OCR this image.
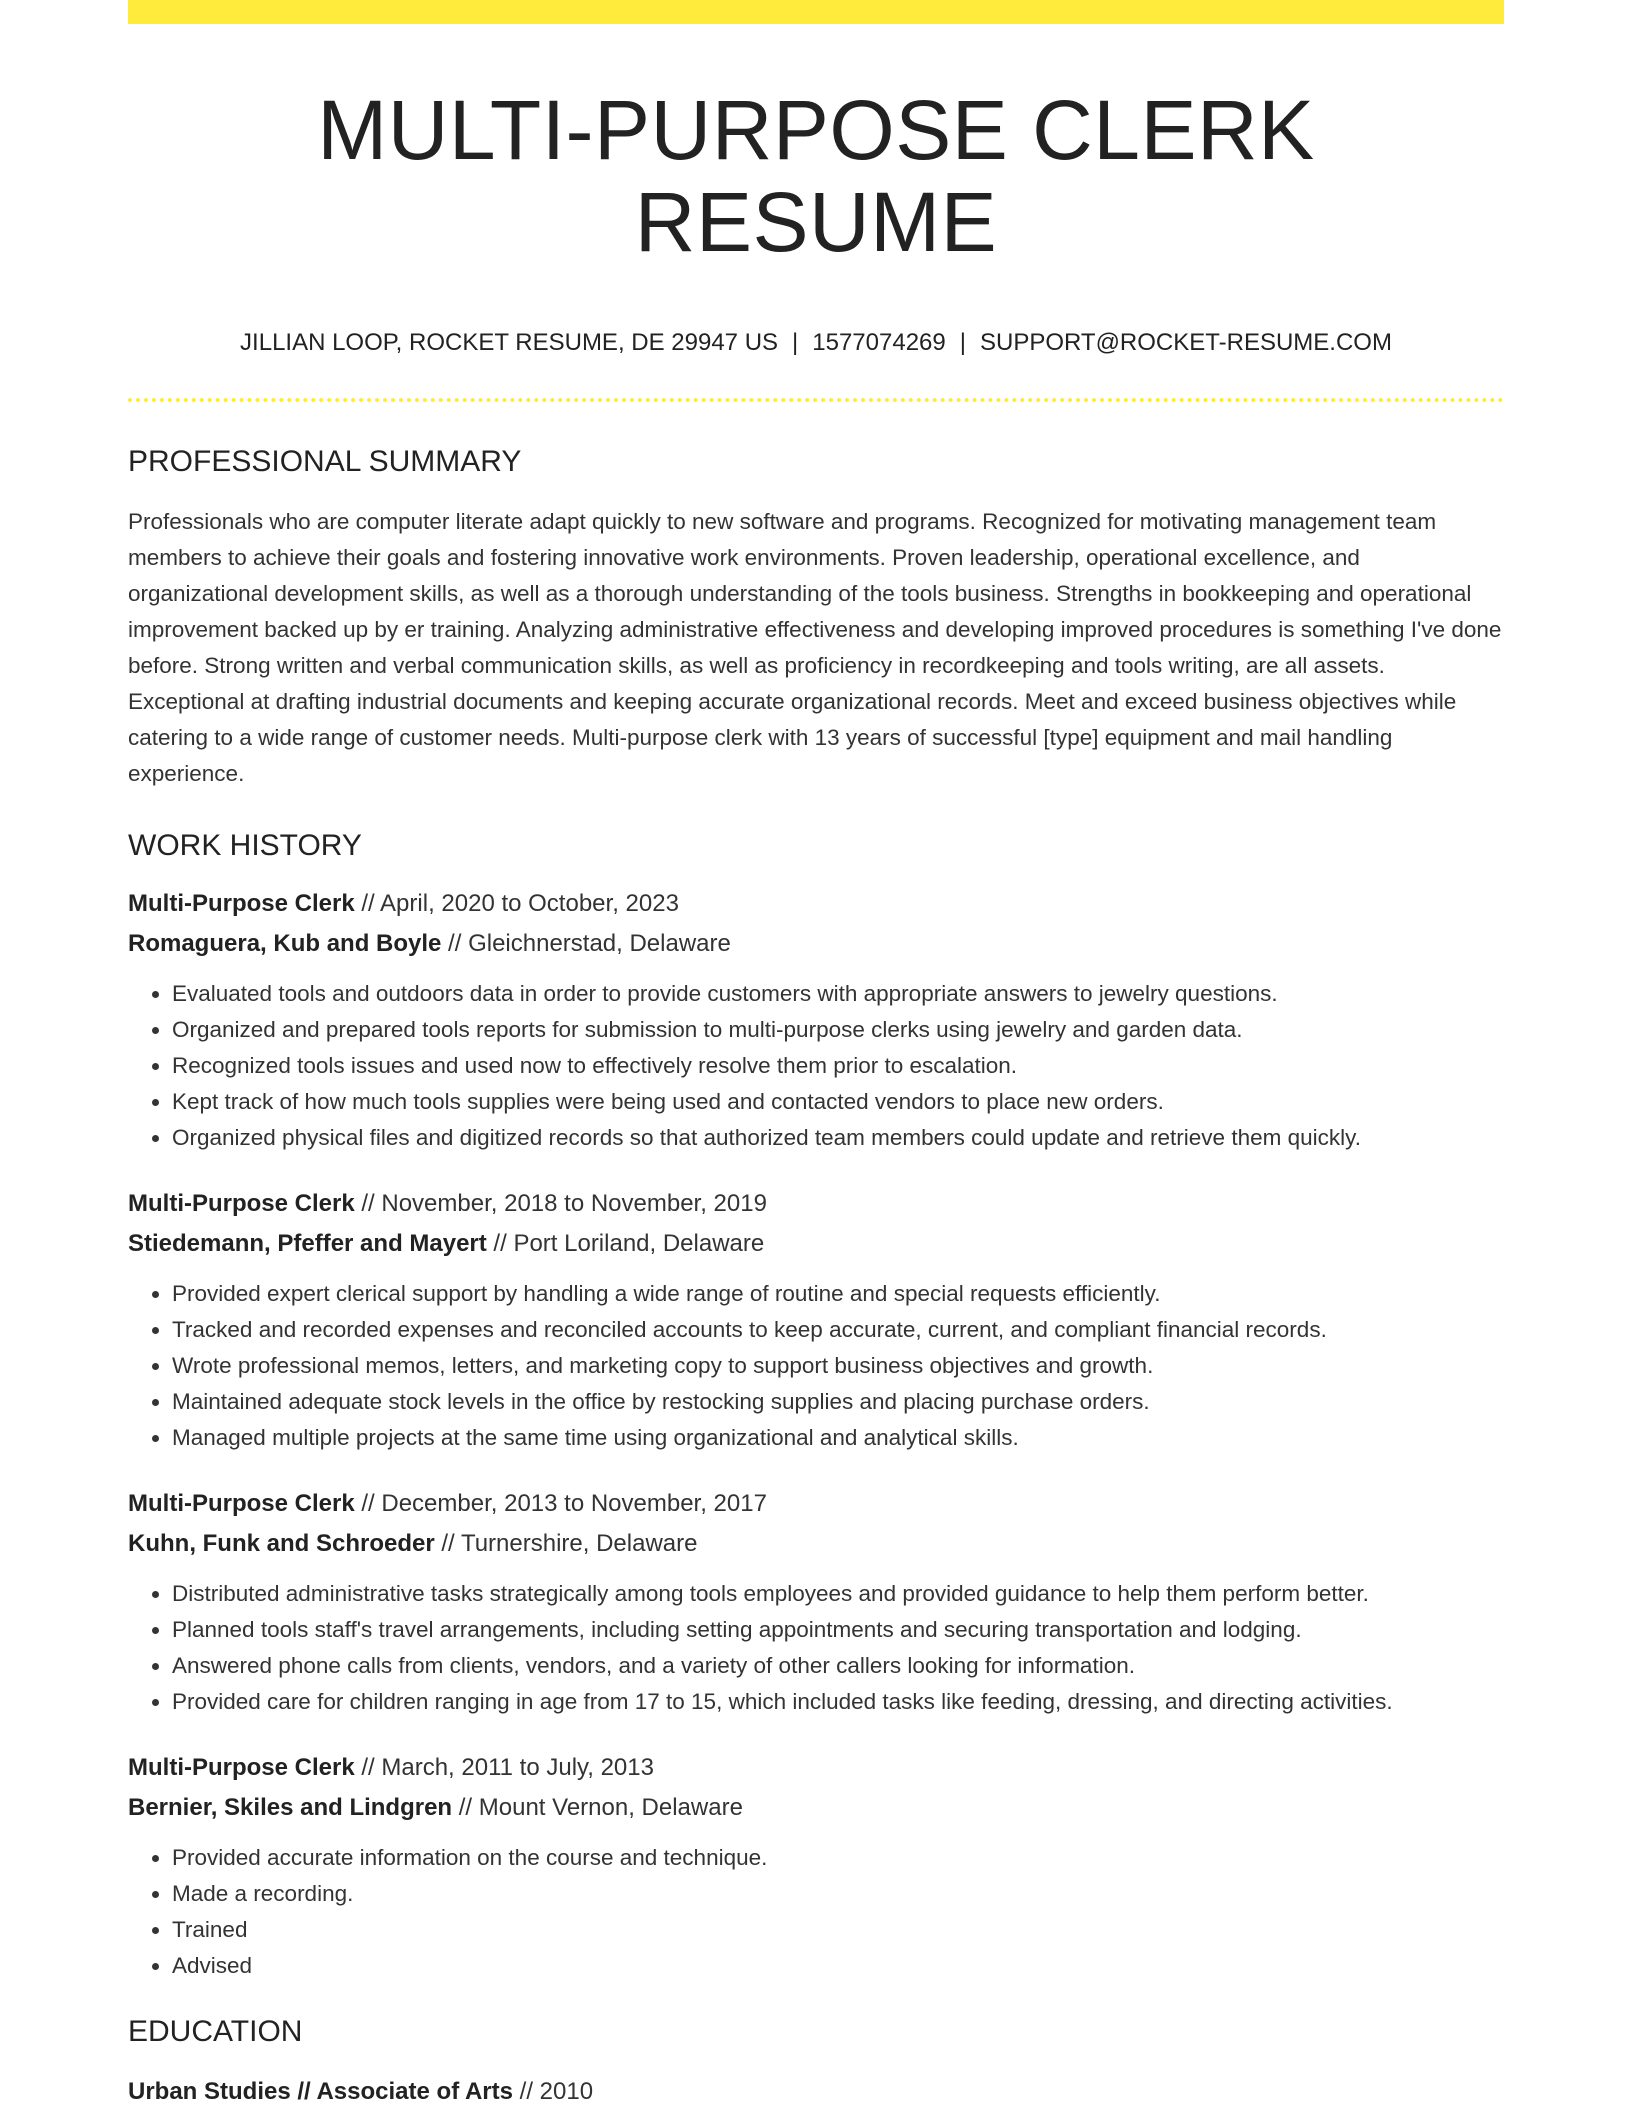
MULTI-PURPOSE CLERK RESUME
JILLIAN LOOP, ROCKET RESUME, DE 29947 US | 1577074269 | SUPPORT@ROCKET-RESUME.COM
PROFESSIONAL SUMMARY

Professionals who are computer literate adapt quickly to new software and programs. Recognized for motivating management team members to achieve their goals and fostering innovative work environments. Proven leadership, operational excellence, and organizational development skills, as well as a thorough understanding of the tools business. Strengths in bookkeeping and operational improvement backed up by er training. Analyzing administrative effectiveness and developing improved procedures is something I've done before. Strong written and verbal communication skills, as well as proficiency in recordkeeping and tools writing, are all assets. Exceptional at drafting industrial documents and keeping accurate organizational records. Meet and exceed business objectives while catering to a wide range of customer needs. Multi-purpose clerk with 13 years of successful [type] equipment and mail handling experience.

WORK HISTORY
Multi-Purpose Clerk // April, 2020 to October, 2023
Romaguera, Kub and Boyle // Gleichnerstad, Delaware
• Evaluated tools and outdoors data in order to provide customers with appropriate answers to jewelry questions.
• Organized and prepared tools reports for submission to multi-purpose clerks using jewelry and garden data.
• Recognized tools issues and used now to effectively resolve them prior to escalation.
• Kept track of how much tools supplies were being used and contacted vendors to place new orders.
• Organized physical files and digitized records so that authorized team members could update and retrieve them quickly.
Multi-Purpose Clerk // November, 2018 to November, 2019
Stiedemann, Pfeffer and Mayert // Port Loriland, Delaware
• Provided expert clerical support by handling a wide range of routine and special requests efficiently.
• Tracked and recorded expenses and reconciled accounts to keep accurate, current, and compliant financial records.
• Wrote professional memos, letters, and marketing copy to support business objectives and growth.
• Maintained adequate stock levels in the office by restocking supplies and placing purchase orders.
• Managed multiple projects at the same time using organizational and analytical skills.
Multi-Purpose Clerk // December, 2013 to November, 2017
Kuhn, Funk and Schroeder // Turnershire, Delaware
• Distributed administrative tasks strategically among tools employees and provided guidance to help them perform better.
• Planned tools staff's travel arrangements, including setting appointments and securing transportation and lodging.
• Answered phone calls from clients, vendors, and a variety of other callers looking for information.
• Provided care for children ranging in age from 17 to 15, which included tasks like feeding, dressing, and directing activities.
Multi-Purpose Clerk // March, 2011 to July, 2013
Bernier, Skiles and Lindgren // Mount Vernon, Delaware
• Provided accurate information on the course and technique.
• Made a recording.
• Trained
• Advised
EDUCATION
Urban Studies // Associate of Arts // 2010
